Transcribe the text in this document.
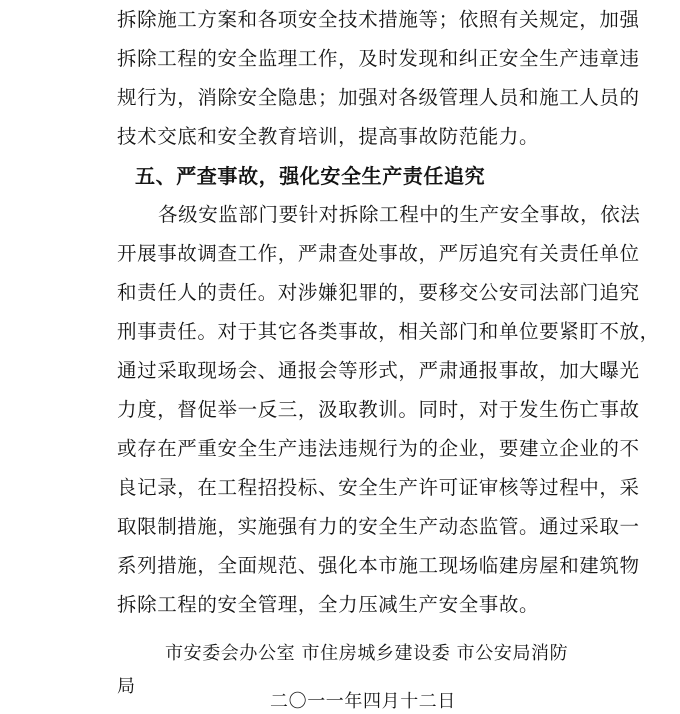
拆除施工方案和各项安全技术措施等；依照有关规定，加强
拆除工程的安全监理工作，及时发现和纠正安全生产违章违
规行为，消除安全隐患；加强对各级管理人员和施工人员的
技术交底和安全教育培训，提高事故防范能力。
五、严查事故，强化安全生产责任追究
各级安监部门要针对拆除工程中的生产安全事故，依法
开展事故调查工作，严肃查处事故，严厉追究有关责任单位
和责任人的责任。对涉嫌犯罪的，要移交公安司法部门追究
刑事责任。对于其它各类事故，相关部门和单位要紧盯不放，
通过采取现场会、通报会等形式，严肃通报事故，加大曝光
力度，督促举一反三，汲取教训。同时，对于发生伤亡事故
或存在严重安全生产违法违规行为的企业，要建立企业的不
良记录，在工程招投标、安全生产许可证审核等过程中，采
取限制措施，实施强有力的安全生产动态监管。通过采取一
系列措施，全面规范、强化本市施工现场临建房屋和建筑物
拆除工程的安全管理，全力压减生产安全事故。
市安委会办公室 市住房城乡建设委 市公安局消防
局
二〇一一年四月十二日
